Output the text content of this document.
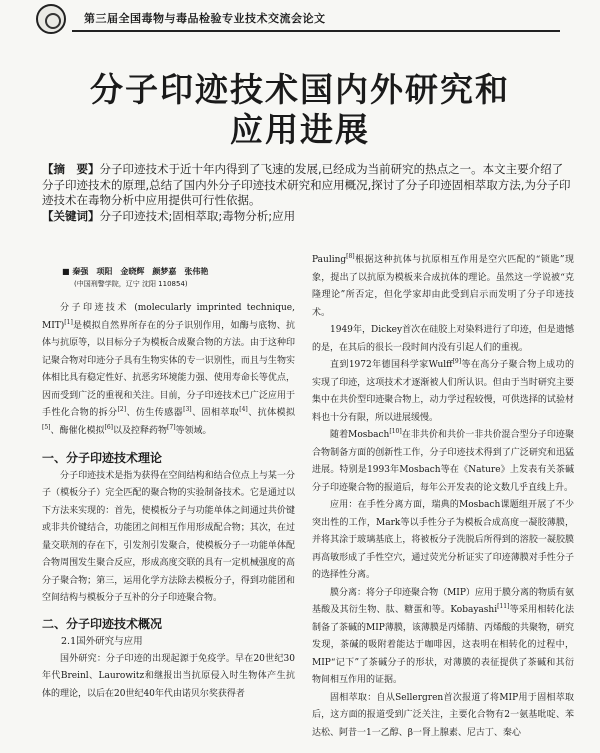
第三届全国毒物与毒品检验专业技术交流会论文
分子印迹技术国内外研究和
应用进展
【摘　要】分子印迹技术于近十年内得到了飞速的发展,已经成为当前研究的热点之一。本文主要介绍了分子印迹技术的原理,总结了国内外分子印迹技术研究和应用概况,探讨了分子印迹固相萃取方法,为分子印迹技术在毒物分析中应用提供可行性依据。
【关键词】分子印迹技术;固相萃取;毒物分析;应用
■ 秦强　项阳　金晓辉　颜梦嘉　张伟艳
(中国刑警学院，辽宁 沈阳 110854)

分子印迹技术 (molecularly imprinted technique, MIT)[1]是模拟自然界所存在的分子识别作用，如酶与底物、抗体与抗原等，以目标分子为模板合成聚合物的方法。由于这种印记聚合物对印迹分子具有生物实体的专一识别性，而且与生物实体相比具有稳定性好、抗恶劣环境能力强、使用寿命长等优点，因而受到广泛的重视和关注。目前，分子印迹技术已广泛应用于手性化合物的拆分[2]、仿生传感器[3]、固相萃取[4]、抗体模拟[5]、酶催化模拟[6]以及控释药物[7]等领域。

一、分子印迹技术理论

分子印迹技术是指为获得在空间结构和结合位点上与某一分子（模板分子）完全匹配的聚合物的实验制备技术。它是通过以下方法来实现的：首先，使模板分子与功能单体之间通过共价键或非共价键结合，功能团之间相互作用形成配合物；其次，在过量交联剂的存在下，引发剂引发聚合，使模板分子一功能单体配合物周围发生聚合反应，形成高度交联的具有一定机械强度的高分子聚合物；第三，运用化学方法除去模板分子，得到功能团和空间结构与模板分子互补的分子印迹聚合物。

二、分子印迹技术概况

2.1国外研究与应用

国外研究：分子印迹的出现起源于免疫学。早在20世纪30年代Breinl、Laurowitz和继报出当抗原侵入时生物体产生抗体的理论，以后在20世纪40年代由诺贝尔奖获得者

Pauling[8]根据这种抗体与抗原相互作用是空穴匹配的“锁匙”现象，提出了以抗原为模板来合成抗体的理论。虽然这一学说被“克隆理论”所否定，但化学家却由此受到启示而发明了分子印迹技术。

1949年，Dickey首次在硅胶上对染料进行了印迹，但是遗憾的是，在其后的很长一段时间内没有引起人们的重视。

直到1972年德国科学家Wulff[9]等在高分子聚合物上成功的实现了印迹，这项技术才逐渐被人们所认识。但由于当时研究主要集中在共价型印迹聚合物上，动力学过程较慢，可供选择的试验材料也十分有限，所以进展缓慢。

随着Mosbach[10]在非共价和共价一非共价混合型分子印迹聚合物制备方面的创新性工作，分子印迹技术得到了广泛研究和迅猛进展。特别是1993年Mosbach等在《Nature》上发表有关茶碱分子印迹聚合物的报道后，每年公开发表的论文数几乎直线上升。

应用：在手性分离方面，瑞典的Mosbach课题组开展了不少突出性的工作，Mark等以手性分子为模板合成高度一凝胶薄膜，并将其涂于玻璃基底上，将被板分子洗脱后所得到的溶胶一凝胶膜再高敏形成了手性空穴，通过荧光分析证实了印迹薄膜对手性分子的选择性分离。

膜分离：将分子印迹聚合物（MIP）应用于膜分离的物质有氨基酸及其衍生物、肽、糖蛋和等。Kobayashi[11]等采用相转化法制备了茶碱的MIP薄膜，该薄膜是丙烯腈、丙烯酸的共聚物，研究发现，茶碱的吸附着能达于咖啡因，这表明在相转化的过程中，MIP“记下”了茶碱分子的形状，对薄膜的表征提供了茶碱和其衍物间相互作用的证据。

固相萃取：自从Sellergren首次报道了将MIP用于固相萃取后，这方面的报道受到广泛关注，主要化合物有2一氨基吡啶、苯达松、阿昔一1一乙醇、β一肾上腺素、尼古丁、秦心
